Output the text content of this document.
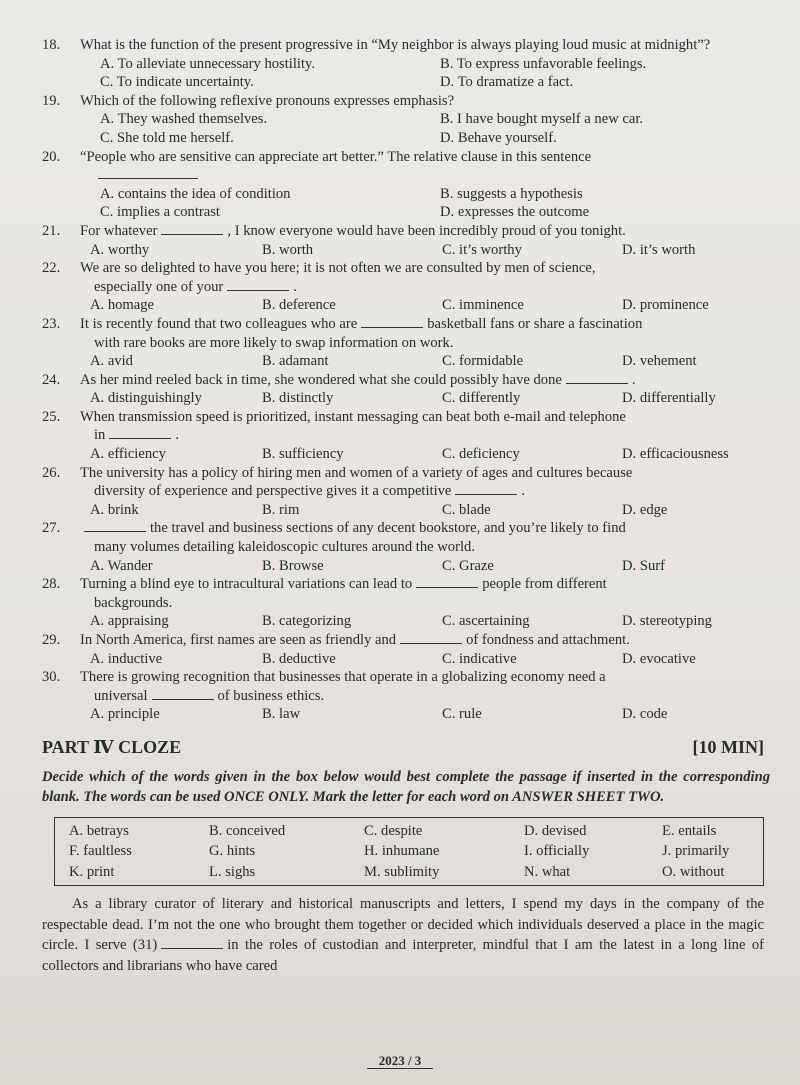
18.	What is the function of the present progressive in “My neighbor is always playing loud music at midnight”?
A. To alleviate unnecessary hostility.	B. To express unfavorable feelings.
C. To indicate uncertainty.	D. To dramatize a fact.
19.	Which of the following reflexive pronouns expresses emphasis?
A. They washed themselves.	B. I have bought myself a new car.
C. She told me herself.	D. Behave yourself.
20.	“People who are sensitive can appreciate art better.” The relative clause in this sentence
A. contains the idea of condition	B. suggests a hypothesis
C. implies a contrast	D. expresses the outcome
21.	For whatever	, I know everyone would have been incredibly proud of you tonight.
A. worthy	B. worth	C. it’s worthy	D. it’s worth
22.	We are so delighted to have you here; it is not often we are consulted by men of science,
especially one of your	.
A. homage	B. deference	C. imminence	D. prominence
23.	It is recently found that two colleagues who are	basketball fans or share a fascination
with rare books are more likely to swap information on work.
A. avid	B. adamant	C. formidable	D. vehement
24.	As her mind reeled back in time, she wondered what she could possibly have done	.
A. distinguishingly	B. distinctly	C. differently	D. differentially
25.	When transmission speed is prioritized, instant messaging can beat both e-mail and telephone
in	.
A. efficiency	B. sufficiency	C. deficiency	D. efficaciousness
26.	The university has a policy of hiring men and women of a variety of ages and cultures because
diversity of experience and perspective gives it a competitive	.
A. brink	B. rim	C. blade	D. edge
27.	the travel and business sections of any decent bookstore, and you’re likely to find
many volumes detailing kaleidoscopic cultures around the world.
A. Wander	B. Browse	C. Graze	D. Surf
28.	Turning a blind eye to intracultural variations can lead to	people from different
backgrounds.
A. appraising	B. categorizing	C. ascertaining	D. stereotyping
29.	In North America, first names are seen as friendly and	of fondness and attachment.
A. inductive	B. deductive	C. indicative	D. evocative
30.	There is growing recognition that businesses that operate in a globalizing economy need a
universal	of business ethics.
A. principle	B. law	C. rule	D. code
PART Ⅳ CLOZE	[10 MIN]
Decide which of the words given in the box below would best complete the passage if inserted in the corresponding blank. The words can be used ONCE ONLY. Mark the letter for each word on ANSWER SHEET TWO.
A. betrays	B. conceived	C. despite	D. devised	E. entails
F. faultless	G. hints	H. inhumane	I. officially	J. primarily
K. print	L. sighs	M. sublimity	N. what	O. without
As a library curator of literary and historical manuscripts and letters, I spend my days in the company of the respectable dead. I’m not the one who brought them together or decided which individuals deserved a place in the magic circle. I serve (31)	in the roles of custodian and interpreter, mindful that I am the latest in a long line of collectors and librarians who have cared
2023 / 3
